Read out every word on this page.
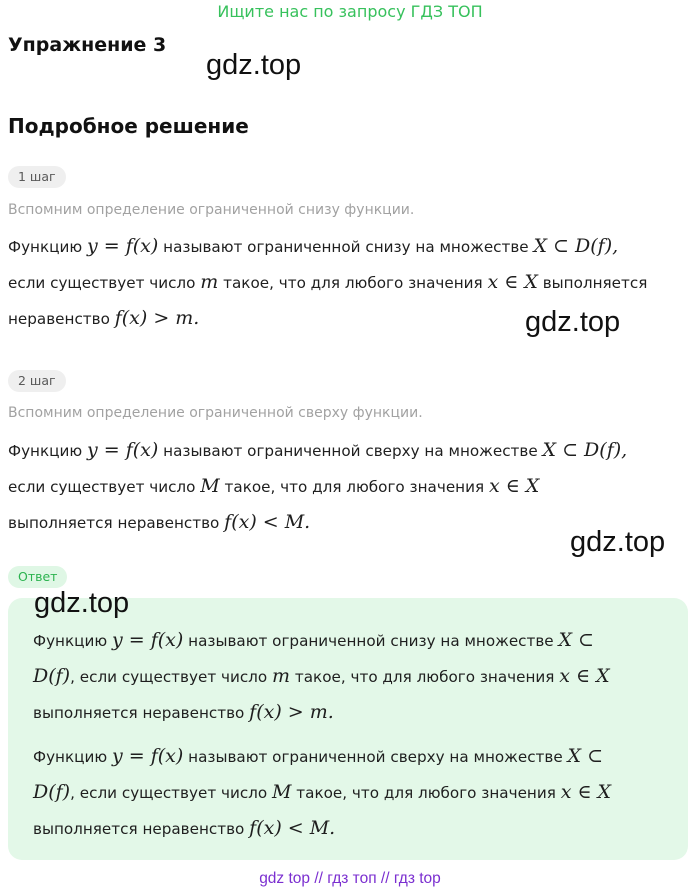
Ищите нас по запросу ГДЗ ТОП
Упражнение 3
gdz.top
Подробное решение
1 шаг
Вспомним определение ограниченной снизу функции.
Функцию y = f(x) называют ограниченной снизу на множестве X ⊂ D(f),
если существует число m такое, что для любого значения x ∈ X выполняется
неравенство f(x) > m.	gdz.top
2 шаг
Вспомним определение ограниченной сверху функции.
Функцию y = f(x) называют ограниченной сверху на множестве X ⊂ D(f),
если существует число M такое, что для любого значения x ∈ X
выполняется неравенство f(x) < M.
gdz.top
Ответ
gdz.top
Функцию y = f(x) называют ограниченной снизу на множестве X ⊂
D(f), если существует число m такое, что для любого значения x ∈ X
выполняется неравенство f(x) > m.
Функцию y = f(x) называют ограниченной сверху на множестве X ⊂
D(f), если существует число M такое, что для любого значения x ∈ X
выполняется неравенство f(x) < M.
gdz top // гдз топ // гдз top
